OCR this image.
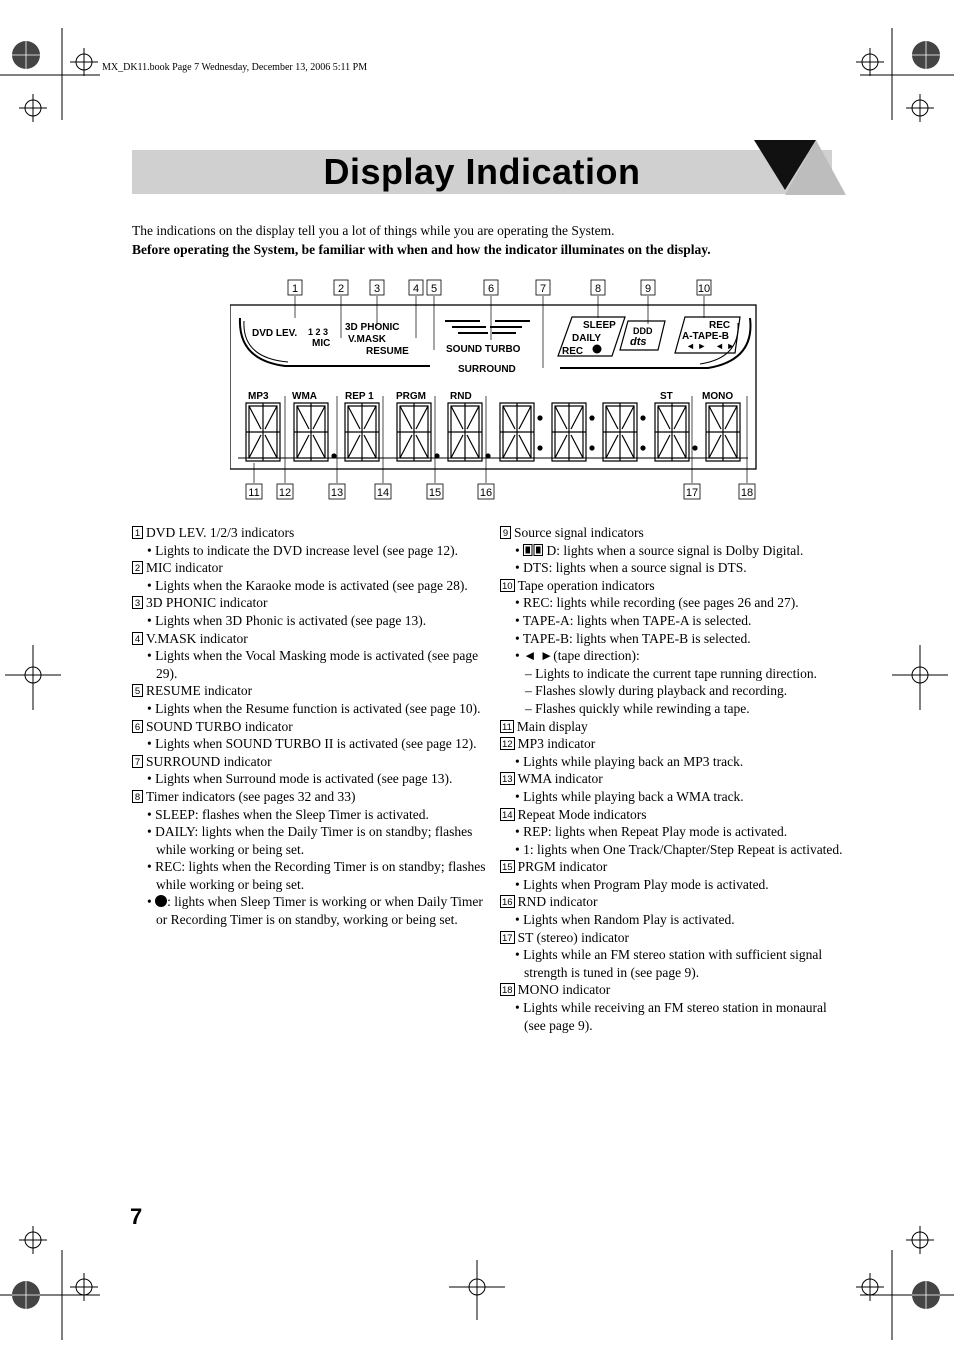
MX_DK11.book Page 7 Wednesday, December 13, 2006 5:11 PM
Display Indication
The indications on the display tell you a lot of things while you are operating the System.
Before operating the System, be familiar with when and how the indicator illuminates on the display.
1	2	3	4 5	6	7	8	9	10
11 12	13	14	15	16	17	18
DVD LEV. 1 2 3
MIC
3D PHONIC
V.MASK
RESUME	SOUND TURBO
SURROUND
SLEEP
DAILY
REC
DDD
dts
REC
A-TAPE-B
MP3 WMA	REP 1 PRGM RND	ST	MONO
◄ ► ◄ ►
1 DVD LEV. 1/2/3 indicators
• Lights to indicate the DVD increase level (see page 12).
2 MIC indicator
• Lights when the Karaoke mode is activated (see page 28).
3 3D PHONIC indicator
• Lights when 3D Phonic is activated (see page 13).
4 V.MASK indicator
• Lights when the Vocal Masking mode is activated (see page 29).
5 RESUME indicator
• Lights when the Resume function is activated (see page 10).
6 SOUND TURBO indicator
• Lights when SOUND TURBO II is activated (see page 12).
7 SURROUND indicator
• Lights when Surround mode is activated (see page 13).
8 Timer indicators (see pages 32 and 33)
• SLEEP: flashes when the Sleep Timer is activated.
• DAILY: lights when the Daily Timer is on standby; flashes while working or being set.
• REC: lights when the Recording Timer is on standby; flashes while working or being set.
• : lights when Sleep Timer is working or when Daily Timer or Recording Timer is on standby, working or being set.
9 Source signal indicators
• D: lights when a source signal is Dolby Digital.
• DTS: lights when a source signal is DTS.
10 Tape operation indicators
• REC: lights while recording (see pages 26 and 27).
• TAPE-A: lights when TAPE-A is selected.
• TAPE-B: lights when TAPE-B is selected.
• ◄ ►(tape direction):
– Lights to indicate the current tape running direction.
– Flashes slowly during playback and recording.
– Flashes quickly while rewinding a tape.
11 Main display
12 MP3 indicator
• Lights while playing back an MP3 track.
13 WMA indicator
• Lights while playing back a WMA track.
14 Repeat Mode indicators
• REP: lights when Repeat Play mode is activated.
• 1: lights when One Track/Chapter/Step Repeat is activated.
15 PRGM indicator
• Lights when Program Play mode is activated.
16 RND indicator
• Lights when Random Play is activated.
17 ST (stereo) indicator
• Lights while an FM stereo station with sufficient signal strength is tuned in (see page 9).
18 MONO indicator
• Lights while receiving an FM stereo station in monaural (see page 9).
7
